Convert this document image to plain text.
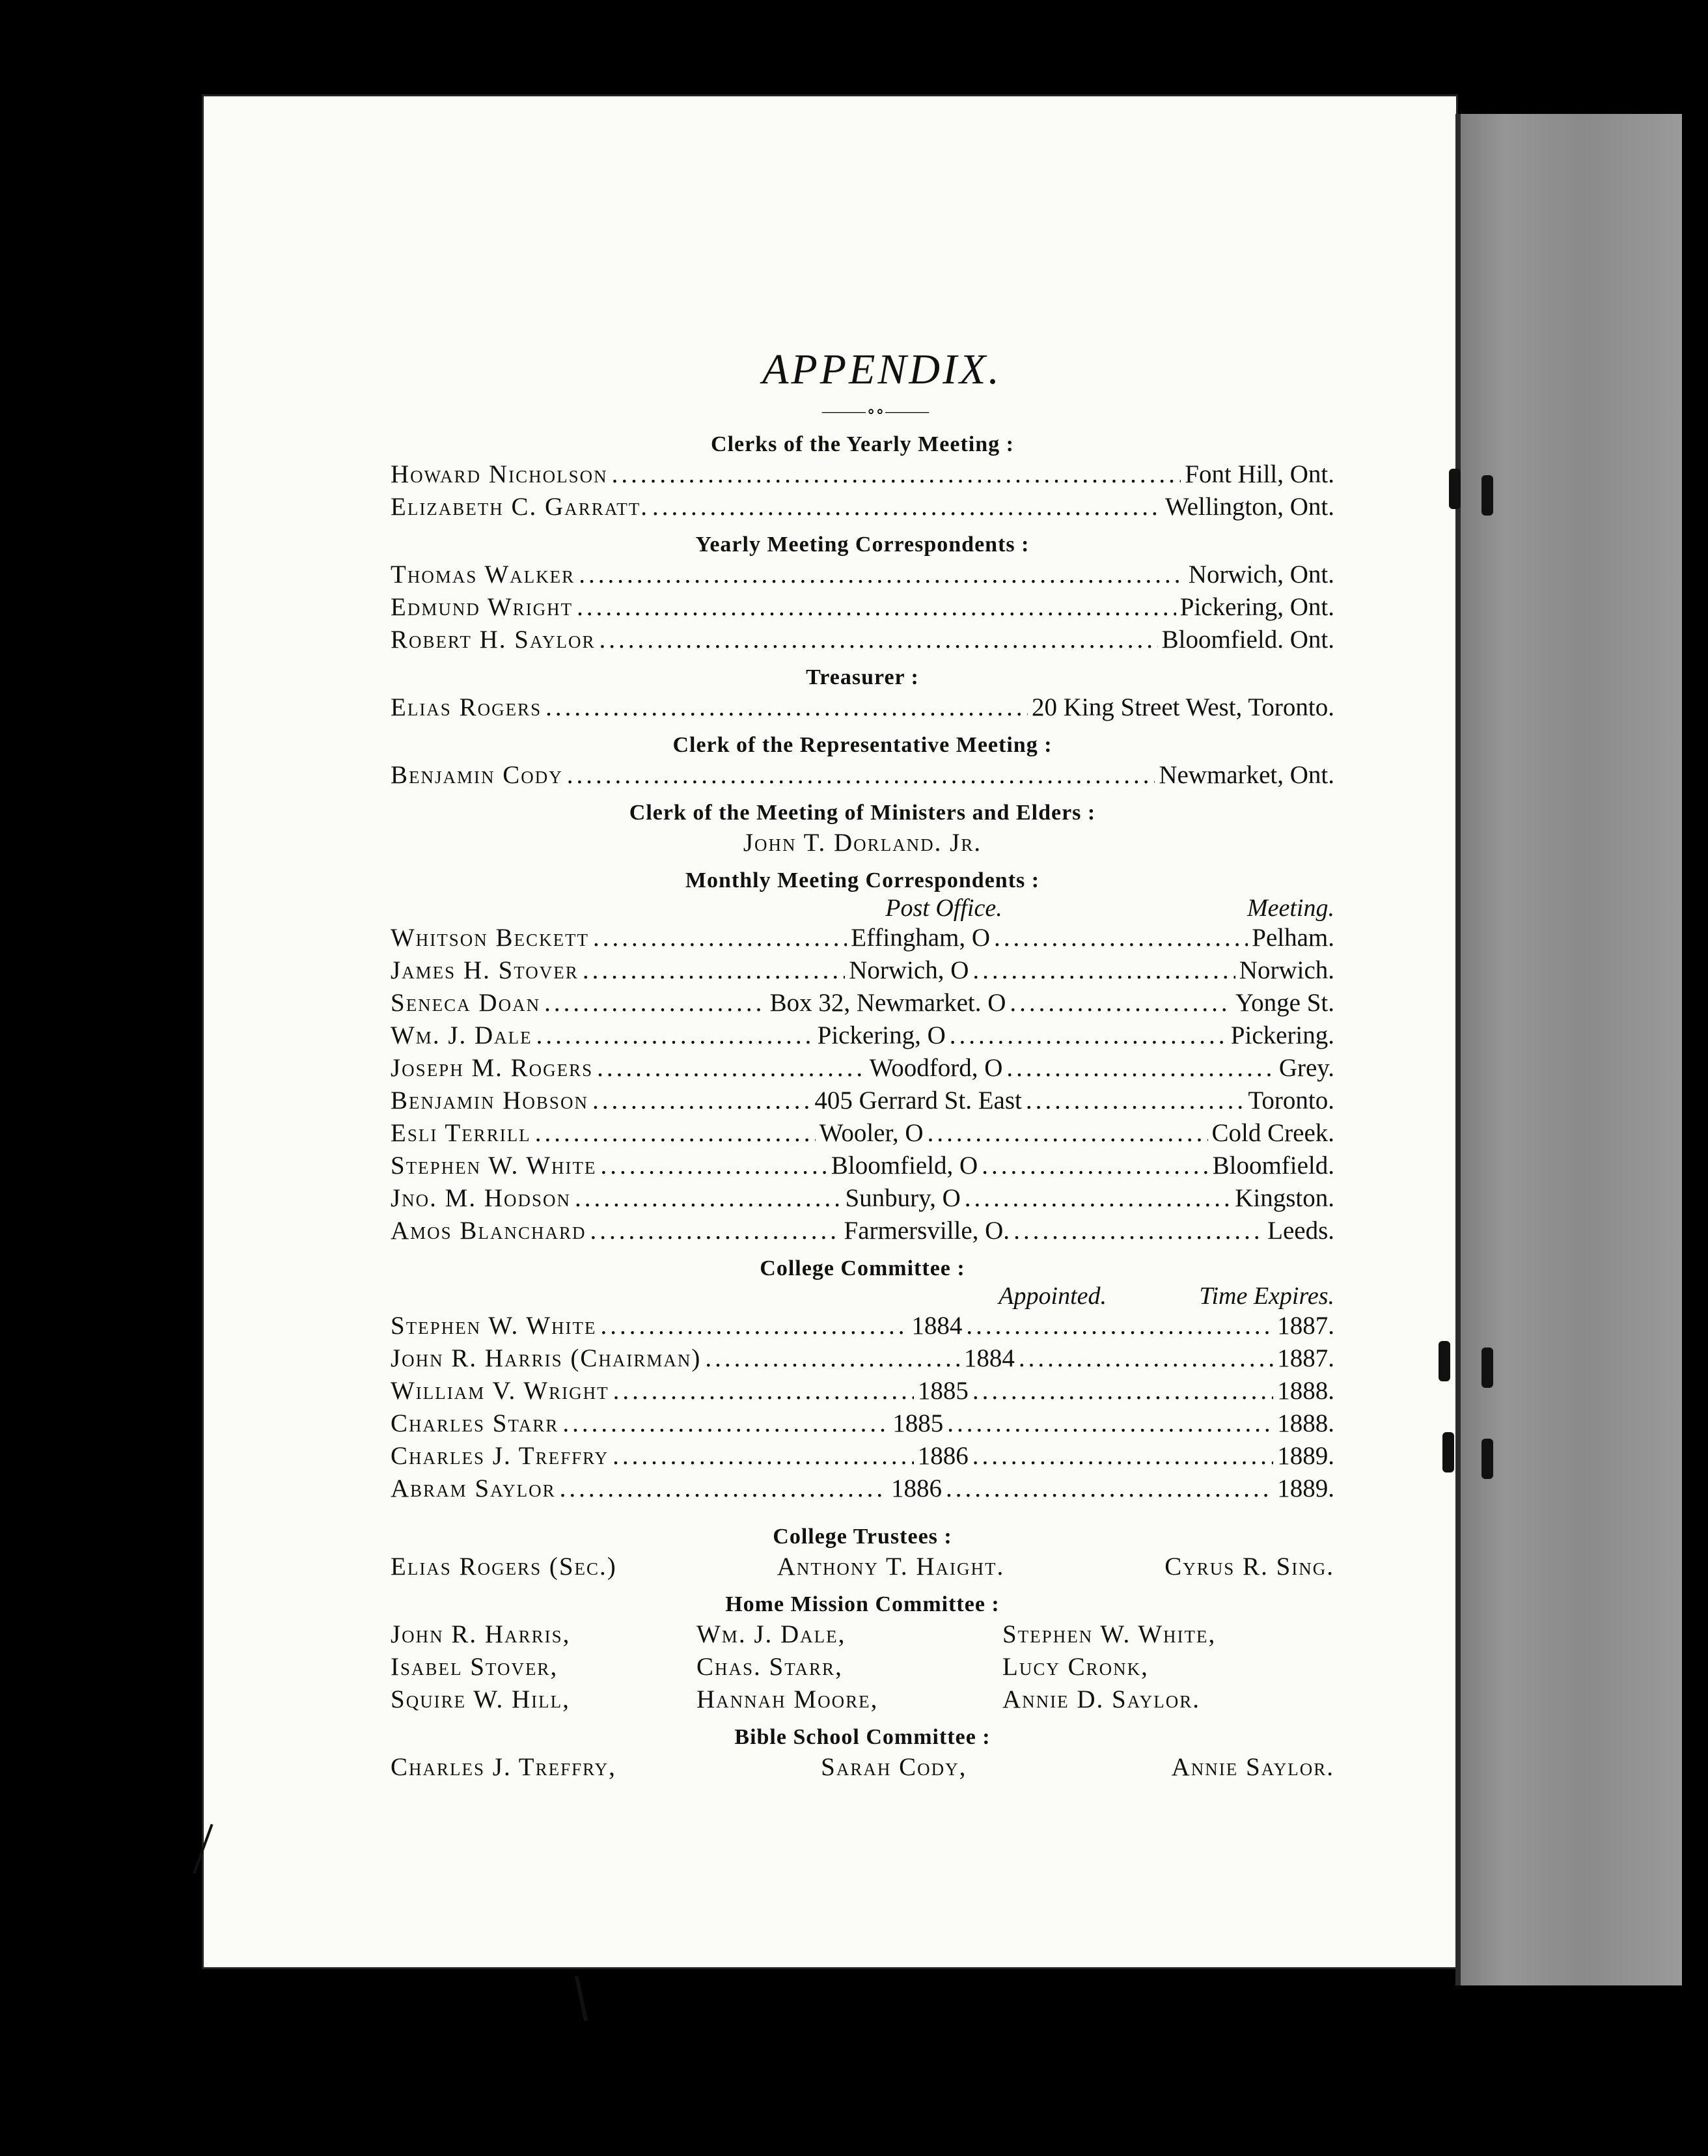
APPENDIX.
⸻∘∘⸻
Clerks of the Yearly Meeting :
Howard Nicholson .....	Font Hill, Ont.
Elizabeth C. Garratt. .....	Wellington, Ont.
Yearly Meeting Correspondents :
Thomas Walker .....	Norwich, Ont.
Edmund Wright .....	Pickering, Ont.
Robert H. Saylor .....	Bloomfield. Ont.
Treasurer :
Elias Rogers .....	20 King Street West, Toronto.
Clerk of the Representative Meeting :
Benjamin Cody .....	Newmarket, Ont.
Clerk of the Meeting of Ministers and Elders :
John T. Dorland. Jr.
Monthly Meeting Correspondents :
Post Office.	Meeting.
Whitson Beckett .....	Effingham, O .....	Pelham.
James H. Stover .....	Norwich, O .....	Norwich.
Seneca Doan .....	Box 32, Newmarket. O .....	Yonge St.
Wm. J. Dale .....	Pickering, O .....	Pickering.
Joseph M. Rogers .....	Woodford, O .....	Grey.
Benjamin Hobson .....	405 Gerrard St. East .....	Toronto.
Esli Terrill .....	Wooler, O .....	Cold Creek.
Stephen W. White .....	Bloomfield, O .....	Bloomfield.
Jno. M. Hodson .....	Sunbury, O .....	Kingston.
Amos Blanchard .....	Farmersville, O. .....	Leeds.
College Committee :
Appointed.	Time Expires.
Stephen W. White .....	1884 .....	1887.
John R. Harris (Chairman) .....	1884 .....	1887.
William V. Wright .....	1885 .....	1888.
Charles Starr .....	1885 .....	1888.
Charles J. Treffry .....	1886 .....	1889.
Abram Saylor .....	1886 .....	1889.
College Trustees :
Elias Rogers (Sec.)	Anthony T. Haight.	Cyrus R. Sing.
Home Mission Committee :
John R. Harris,	Wm. J. Dale,	Stephen W. White,
Isabel Stover,	Chas. Starr,	Lucy Cronk,
Squire W. Hill,	Hannah Moore,	Annie D. Saylor.
Bible School Committee :
Charles J. Treffry,	Sarah Cody,	Annie Saylor.
